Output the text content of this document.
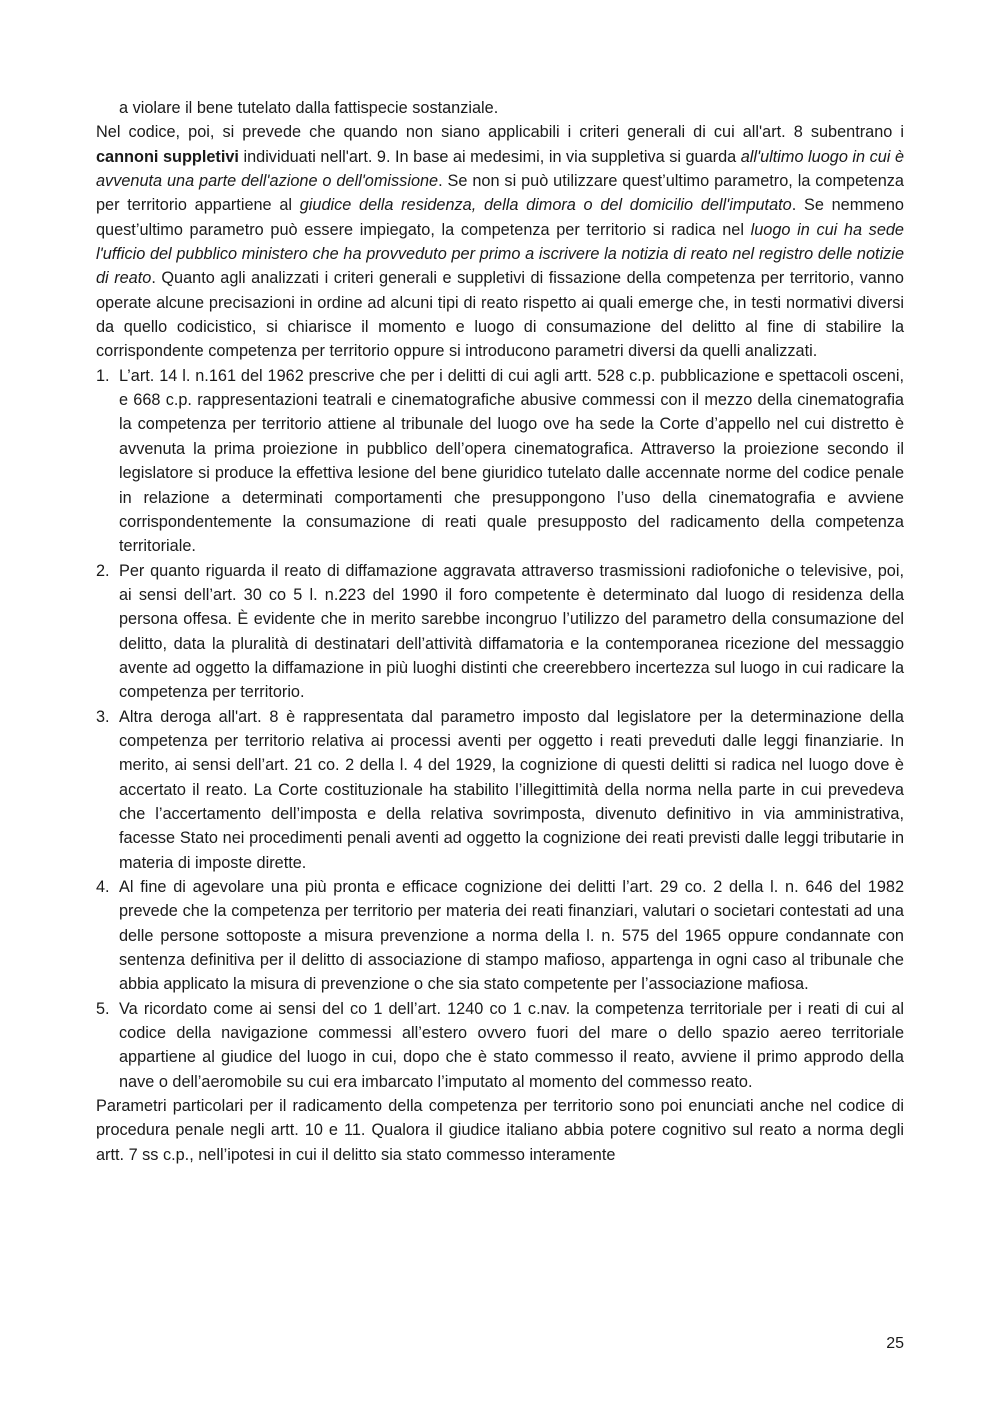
a violare il bene tutelato dalla fattispecie sostanziale.

Nel codice, poi, si prevede che quando non siano applicabili i criteri generali di cui all'art. 8 subentrano i cannoni suppletivi individuati nell'art. 9. In base ai medesimi, in via suppletiva si guarda all'ultimo luogo in cui è avvenuta una parte dell'azione o dell'omissione. Se non si può utilizzare quest’ultimo parametro, la competenza per territorio appartiene al giudice della residenza, della dimora o del domicilio dell'imputato. Se nemmeno quest’ultimo parametro può essere impiegato, la competenza per territorio si radica nel luogo in cui ha sede l'ufficio del pubblico ministero che ha provveduto per primo a iscrivere la notizia di reato nel registro delle notizie di reato. Quanto agli analizzati i criteri generali e suppletivi di fissazione della competenza per territorio, vanno operate alcune precisazioni in ordine ad alcuni tipi di reato rispetto ai quali emerge che, in testi normativi diversi da quello codicistico, si chiarisce il momento e luogo di consumazione del delitto al fine di stabilire la corrispondente competenza per territorio oppure si introducono parametri diversi da quelli analizzati.

1. L’art. 14 l. n.161 del 1962 prescrive che per i delitti di cui agli artt. 528 c.p. pubblicazione e spettacoli osceni, e 668 c.p. rappresentazioni teatrali e cinematografiche abusive commessi con il mezzo della cinematografia la competenza per territorio attiene al tribunale del luogo ove ha sede la Corte d’appello nel cui distretto è avvenuta la prima proiezione in pubblico dell’opera cinematografica. Attraverso la proiezione secondo il legislatore si produce la effettiva lesione del bene giuridico tutelato dalle accennate norme del codice penale in relazione a determinati comportamenti che presuppongono l’uso della cinematografia e avviene corrispondentemente la consumazione di reati quale presupposto del radicamento della competenza territoriale.
2. Per quanto riguarda il reato di diffamazione aggravata attraverso trasmissioni radiofoniche o televisive, poi, ai sensi dell’art. 30 co 5 l. n.223 del 1990 il foro competente è determinato dal luogo di residenza della persona offesa. È evidente che in merito sarebbe incongruo l’utilizzo del parametro della consumazione del delitto, data la pluralità di destinatari dell’attività diffamatoria e la contemporanea ricezione del messaggio avente ad oggetto la diffamazione in più luoghi distinti che creerebbero incertezza sul luogo in cui radicare la competenza per territorio.
3. Altra deroga all'art. 8 è rappresentata dal parametro imposto dal legislatore per la determinazione della competenza per territorio relativa ai processi aventi per oggetto i reati preveduti dalle leggi finanziarie. In merito, ai sensi dell’art. 21 co. 2 della l. 4 del 1929, la cognizione di questi delitti si radica nel luogo dove è accertato il reato. La Corte costituzionale ha stabilito l’illegittimità della norma nella parte in cui prevedeva che l’accertamento dell’imposta e della relativa sovrimposta, divenuto definitivo in via amministrativa, facesse Stato nei procedimenti penali aventi ad oggetto la cognizione dei reati previsti dalle leggi tributarie in materia di imposte dirette.
4. Al fine di agevolare una più pronta e efficace cognizione dei delitti l’art. 29 co. 2 della l. n. 646 del 1982 prevede che la competenza per territorio per materia dei reati finanziari, valutari o societari contestati ad una delle persone sottoposte a misura prevenzione a norma della l. n. 575 del 1965 oppure condannate con sentenza definitiva per il delitto di associazione di stampo mafioso, appartenga in ogni caso al tribunale che abbia applicato la misura di prevenzione o che sia stato competente per l’associazione mafiosa.
5. Va ricordato come ai sensi del co 1 dell’art. 1240 co 1 c.nav. la competenza territoriale per i reati di cui al codice della navigazione commessi all’estero ovvero fuori del mare o dello spazio aereo territoriale appartiene al giudice del luogo in cui, dopo che è stato commesso il reato, avviene il primo approdo della nave o dell’aeromobile su cui era imbarcato l’imputato al momento del commesso reato.

Parametri particolari per il radicamento della competenza per territorio sono poi enunciati anche nel codice di procedura penale negli artt. 10 e 11. Qualora il giudice italiano abbia potere cognitivo sul reato a norma degli artt. 7 ss c.p., nell’ipotesi in cui il delitto sia stato commesso interamente

25
